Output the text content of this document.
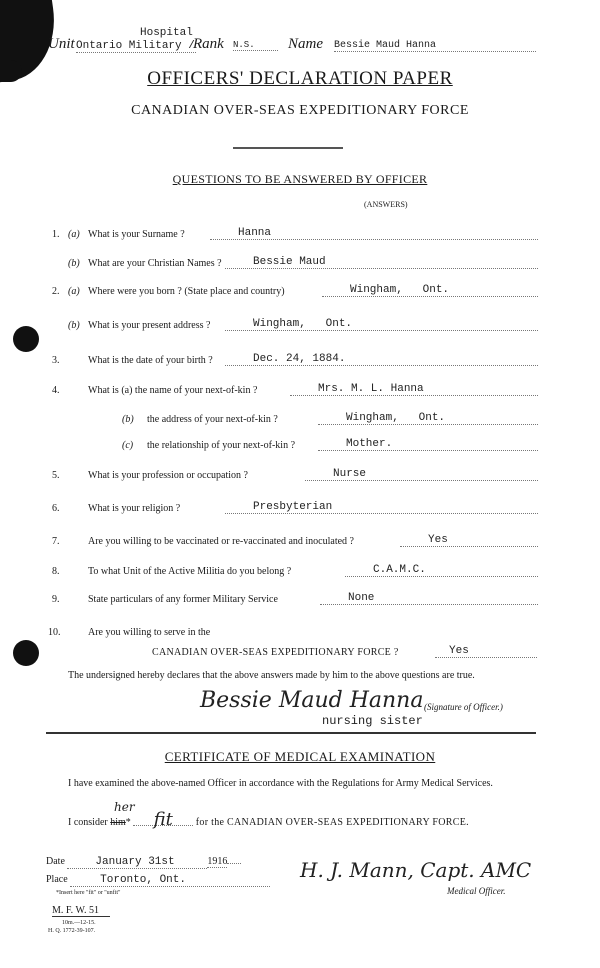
Hospital
Unit Ontario Military /
Rank N.S.	Name Bessie Maud Hanna
OFFICERS' DECLARATION PAPER
CANADIAN OVER-SEAS EXPEDITIONARY FORCE
QUESTIONS TO BE ANSWERED BY OFFICER
(ANSWERS)
1. (a) What is your Surname ?	Hanna
(b) What are your Christian Names ?	Bessie Maud
2. (a) Where were you born ? (State place and country)	Wingham,   Ont.
(b) What is your present address ?	Wingham,   Ont.
3.	What is the date of your birth ?	Dec. 24, 1884.
4.	What is (a) the name of your next-of-kin ?	Mrs. M. L. Hanna
(b) the address of your next-of-kin ?	Wingham,   Ont.
(c) the relationship of your next-of-kin ?	Mother.
5.	What is your profession or occupation ?	Nurse
6.	What is your religion ?	Presbyterian
7.	Are you willing to be vaccinated or re-vaccinated and inoculated ?	Yes
8.	To what Unit of the Active Militia do you belong ?	C.A.M.C.
9.	State particulars of any former Military Service	None
10.	Are you willing to serve in the
CANADIAN OVER-SEAS EXPEDITIONARY FORCE ?	Yes
The undersigned hereby declares that the above answers made by him to the above questions are true.
Bessie Maud Hanna (Signature of Officer.)
nursing sister
CERTIFICATE OF MEDICAL EXAMINATION
I have examined the above-named Officer in accordance with the Regulations for Army Medical Services.
her
I consider him* fit for the CANADIAN OVER-SEAS EXPEDITIONARY FORCE.
Date	January 31st	1916
Place	Toronto, Ont.
*Insert here "fit" or "unfit"
H. J. Mann, Capt. AMC
Medical Officer.
M. F. W. 51
10m.—12-15.
H. Q. 1772-39-107.
